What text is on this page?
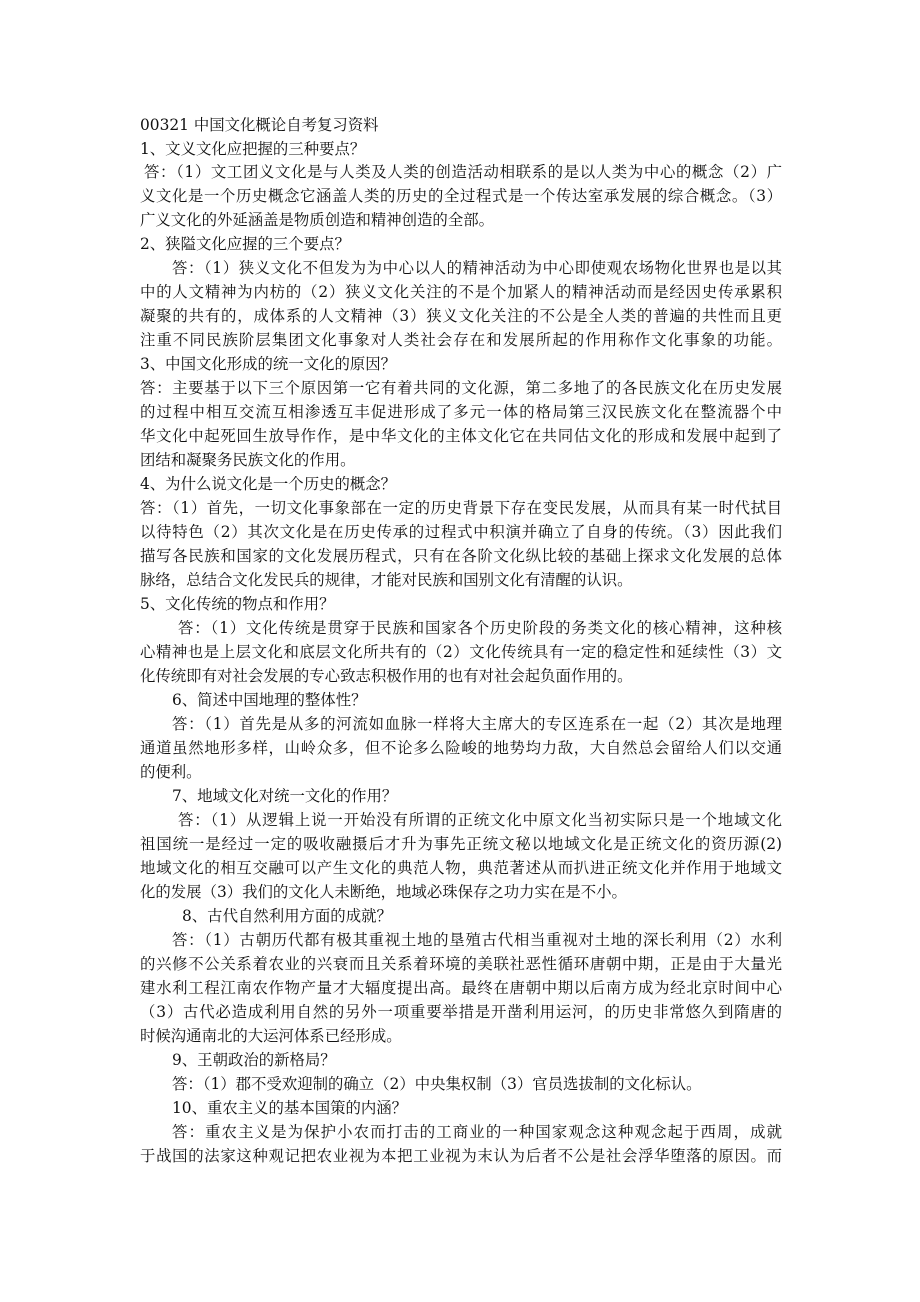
00321 中国文化概论自考复习资料
1、文义文化应把握的三种要点？
答：（1）文工团义文化是与人类及人类的创造活动相联系的是以人类为中心的概念（2）广
义文化是一个历史概念它涵盖人类的历史的全过程式是一个传达室承发展的综合概念。（3）
广义文化的外延涵盖是物质创造和精神创造的全部。
2、狭隘文化应握的三个要点？
答：（1）狭义文化不但发为为中心以人的精神活动为中心即使观农场物化世界也是以其
中的人文精神为内枋的（2）狭义文化关注的不是个加紧人的精神活动而是经因史传承累积
凝聚的共有的，成体系的人文精神（3）狭义文化关注的不公是全人类的普遍的共性而且更
注重不同民族阶层集团文化事象对人类社会存在和发展所起的作用称作文化事象的功能。
3、中国文化形成的统一文化的原因？
答：主要基于以下三个原因第一它有着共同的文化源，第二多地了的各民族文化在历史发展
的过程中相互交流互相渗透互丰促进形成了多元一体的格局第三汉民族文化在整流器个中
华文化中起死回生放导作作，是中华文化的主体文化它在共同估文化的形成和发展中起到了
团结和凝聚务民族文化的作用。
4、为什么说文化是一个历史的概念？
答：（1）首先，一切文化事象部在一定的历史背景下存在变民发展，从而具有某一时代拭目
以待特色（2）其次文化是在历史传承的过程式中积演并确立了自身的传统。（3）因此我们
描写各民族和国家的文化发展历程式，只有在各阶文化纵比较的基础上探求文化发展的总体
脉络，总结合文化发民兵的规律，才能对民族和国别文化有清醒的认识。
5、文化传统的物点和作用？
答：（1）文化传统是贯穿于民族和国家各个历史阶段的务类文化的核心精神，这种核
心精神也是上层文化和底层文化所共有的（2）文化传统具有一定的稳定性和延续性（3）文
化传统即有对社会发展的专心致志积极作用的也有对社会起负面作用的。
6、简述中国地理的整体性？
答：（1）首先是从多的河流如血脉一样将大主席大的专区连系在一起（2）其次是地理
通道虽然地形多样，山岭众多，但不论多么险峻的地势均力敌，大自然总会留给人们以交通
的便利。
7、地域文化对统一文化的作用？
答：（1）从逻辑上说一开始没有所谓的正统文化中原文化当初实际只是一个地域文化
祖国统一是经过一定的吸收融摄后才升为事先正统文秘以地域文化是正统文化的资历源(2)
地域文化的相互交融可以产生文化的典范人物，典范著述从而扒进正统文化并作用于地域文
化的发展（3）我们的文化人未断绝，地域必珠保存之功力实在是不小。
8、古代自然利用方面的成就？
答：（1）古朝历代都有极其重视土地的垦殖古代相当重视对土地的深长利用（2）水利
的兴修不公关系着农业的兴衰而且关系着环境的美联社恶性循环唐朝中期，正是由于大量光
建水利工程江南农作物产量才大辐度提出高。最终在唐朝中期以后南方成为经北京时间中心
（3）古代必造成利用自然的另外一项重要举措是开凿利用运河，的历史非常悠久到隋唐的
时候沟通南北的大运河体系已经形成。
9、王朝政治的新格局？
答：（1）郡不受欢迎制的确立（2）中央集权制（3）官员选拔制的文化标认。
10、重农主义的基本国策的内涵？
答：重农主义是为保护小农而打击的工商业的一种国家观念这种观念起于西周，成就
于战国的法家这种观记把农业视为本把工业视为末认为后者不公是社会浮华堕落的原因。而
